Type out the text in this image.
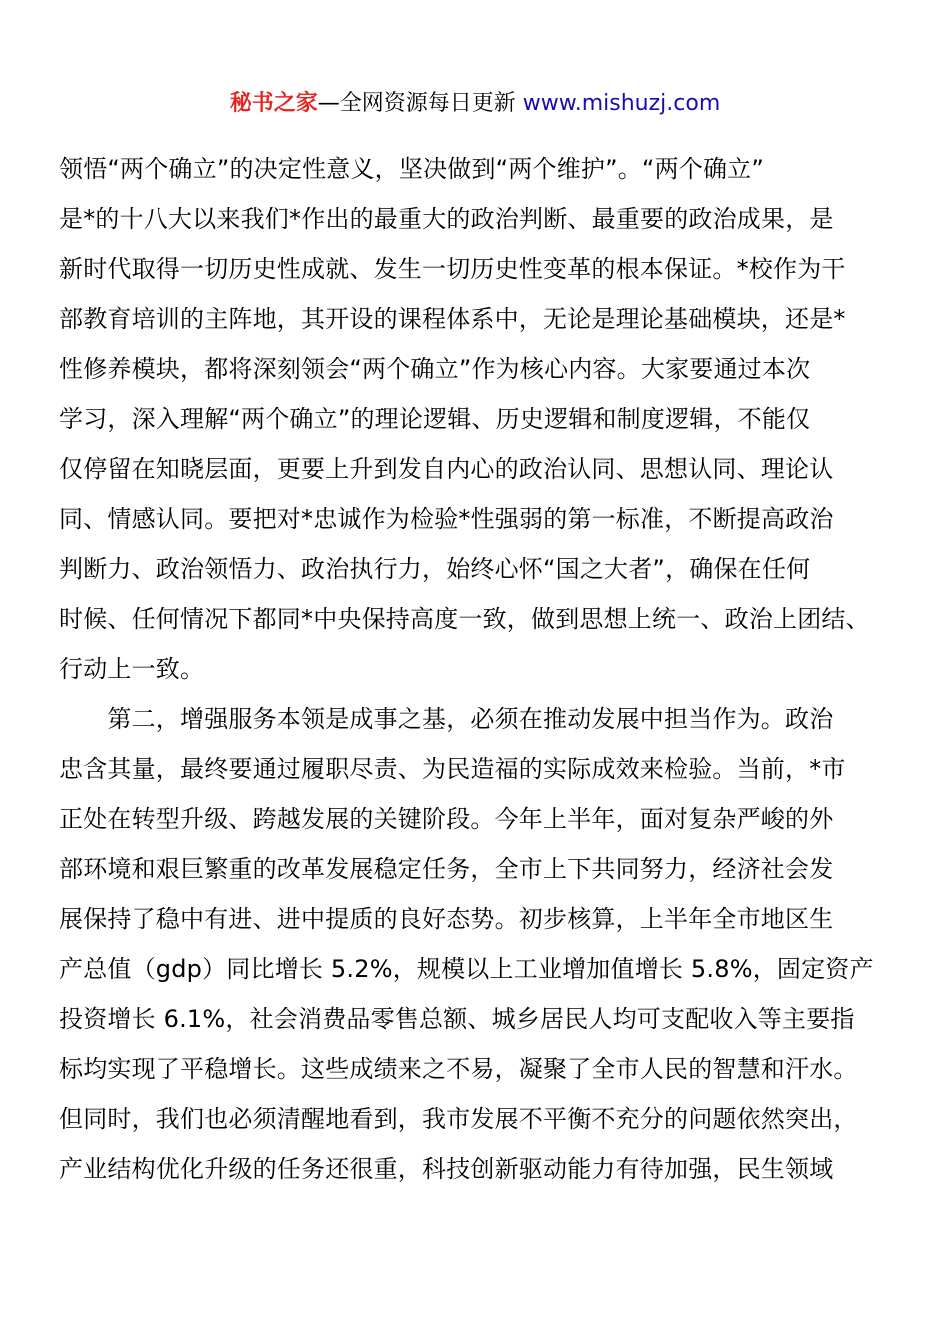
秘书之家—全网资源每日更新 www.mishuzj.com
领悟“两个确立”的决定性意义，坚决做到“两个维护”。“两个确立”
是*的十八大以来我们*作出的最重大的政治判断、最重要的政治成果，是
新时代取得一切历史性成就、发生一切历史性变革的根本保证。*校作为干
部教育培训的主阵地，其开设的课程体系中，无论是理论基础模块，还是*
性修养模块，都将深刻领会“两个确立”作为核心内容。大家要通过本次
学习，深入理解“两个确立”的理论逻辑、历史逻辑和制度逻辑，不能仅
仅停留在知晓层面，更要上升到发自内心的政治认同、思想认同、理论认
同、情感认同。要把对*忠诚作为检验*性强弱的第一标准，不断提高政治
判断力、政治领悟力、政治执行力，始终心怀“国之大者”，确保在任何
时候、任何情况下都同*中央保持高度一致，做到思想上统一、政治上团结、
行动上一致。
　　第二，增强服务本领是成事之基，必须在推动发展中担当作为。政治
忠含其量，最终要通过履职尽责、为民造福的实际成效来检验。当前，*市
正处在转型升级、跨越发展的关键阶段。今年上半年，面对复杂严峻的外
部环境和艰巨繁重的改革发展稳定任务，全市上下共同努力，经济社会发
展保持了稳中有进、进中提质的良好态势。初步核算，上半年全市地区生
产总值（gdp）同比增长 5.2%，规模以上工业增加值增长 5.8%，固定资产
投资增长 6.1%，社会消费品零售总额、城乡居民人均可支配收入等主要指
标均实现了平稳增长。这些成绩来之不易，凝聚了全市人民的智慧和汗水。
但同时，我们也必须清醒地看到，我市发展不平衡不充分的问题依然突出，
产业结构优化升级的任务还很重，科技创新驱动能力有待加强，民生领域
